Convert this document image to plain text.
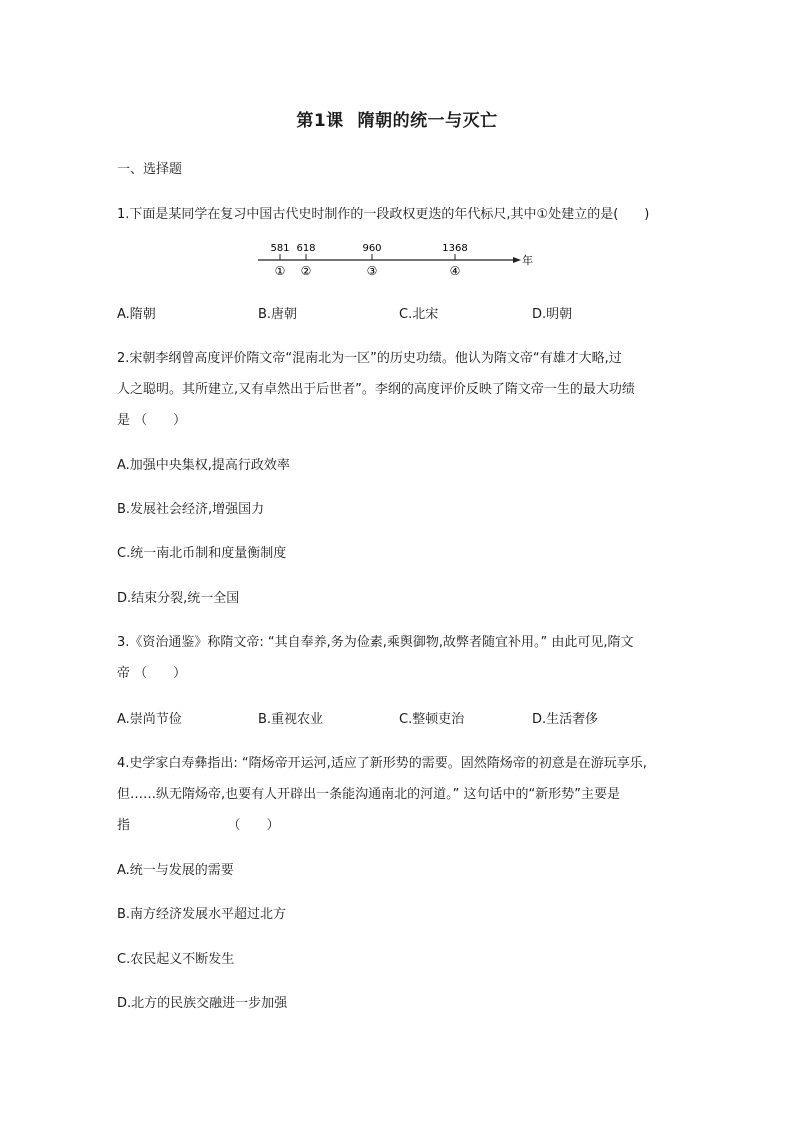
第1课 隋朝的统一与灭亡
一、选择题
1.下面是某同学在复习中国古代史时制作的一段政权更迭的年代标尺,其中①处建立的是(　　)
年
581 618	960	1368
① ②	③	④
A.隋朝	B.唐朝	C.北宋	D.明朝
2.宋朝李纲曾高度评价隋文帝“混南北为一区”的历史功绩。他认为隋文帝“有雄才大略,过
人之聪明。其所建立,又有卓然出于后世者”。李纲的高度评价反映了隋文帝一生的最大功绩
是 （　　）
A.加强中央集权,提高行政效率
B.发展社会经济,增强国力
C.统一南北币制和度量衡制度
D.结束分裂,统一全国
3.《资治通鉴》称隋文帝: “其自奉养,务为俭素,乘舆御物,故弊者随宜补用。” 由此可见,隋文
帝 （　　）
A.崇尚节俭	B.重视农业	C.整顿吏治	D.生活奢侈
4.史学家白寿彝指出: “隋炀帝开运河,适应了新形势的需要。固然隋炀帝的初意是在游玩享乐,
但……纵无隋炀帝,也要有人开辟出一条能沟通南北的河道。” 这句话中的“新形势”主要是
指　　　　　　　　（　　）
A.统一与发展的需要
B.南方经济发展水平超过北方
C.农民起义不断发生
D.北方的民族交融进一步加强
